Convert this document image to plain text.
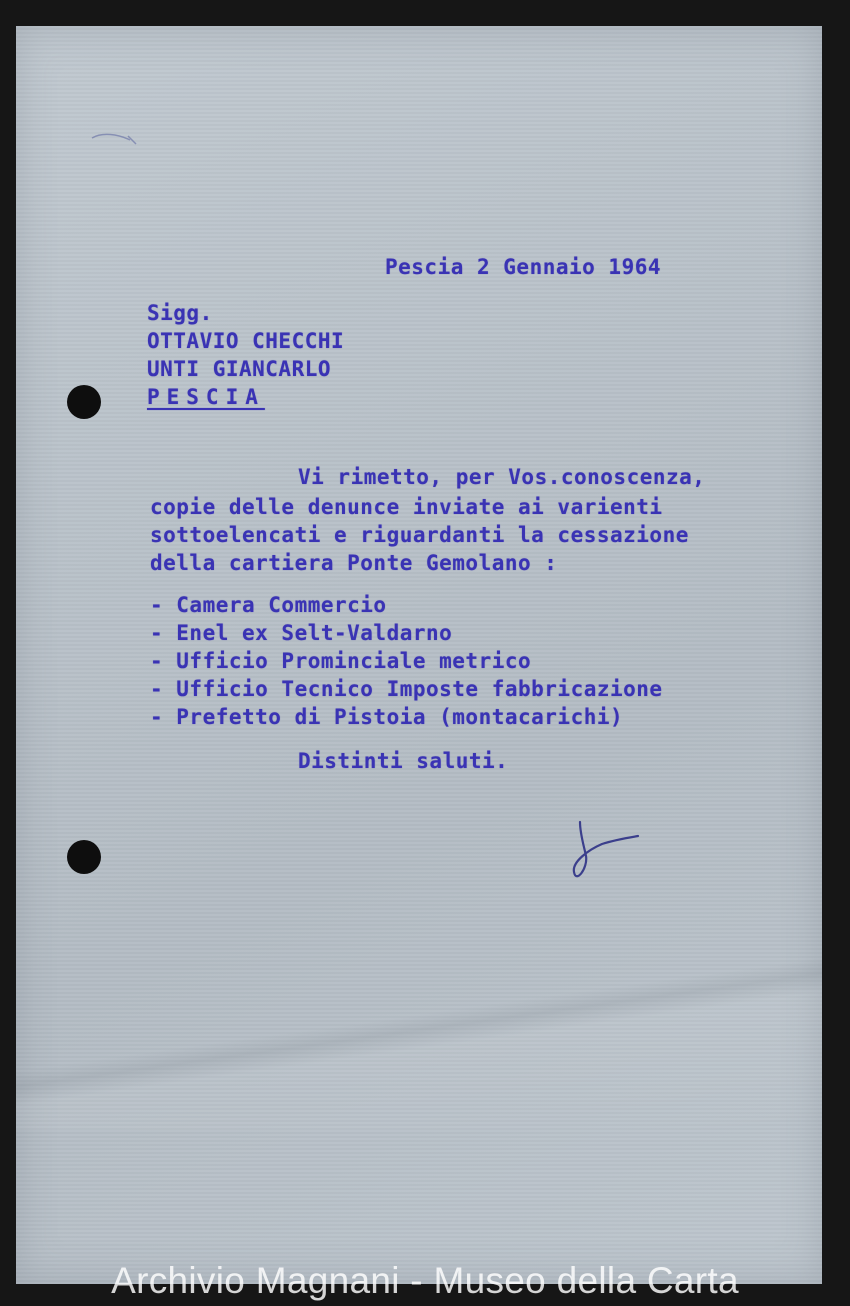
Pescia 2 Gennaio 1964
Sigg.
OTTAVIO CHECCHI
UNTI GIANCARLO
PESCIA
Vi rimetto, per Vos.conoscenza,
copie delle denunce inviate ai varienti
sottoelencati e riguardanti la cessazione
della cartiera Ponte Gemolano :
- Camera Commercio
- Enel ex Selt-Valdarno
- Ufficio Prominciale metrico
- Ufficio Tecnico Imposte fabbricazione
- Prefetto di Pistoia (montacarichi)
Distinti saluti.
Archivio Magnani - Museo della Carta
